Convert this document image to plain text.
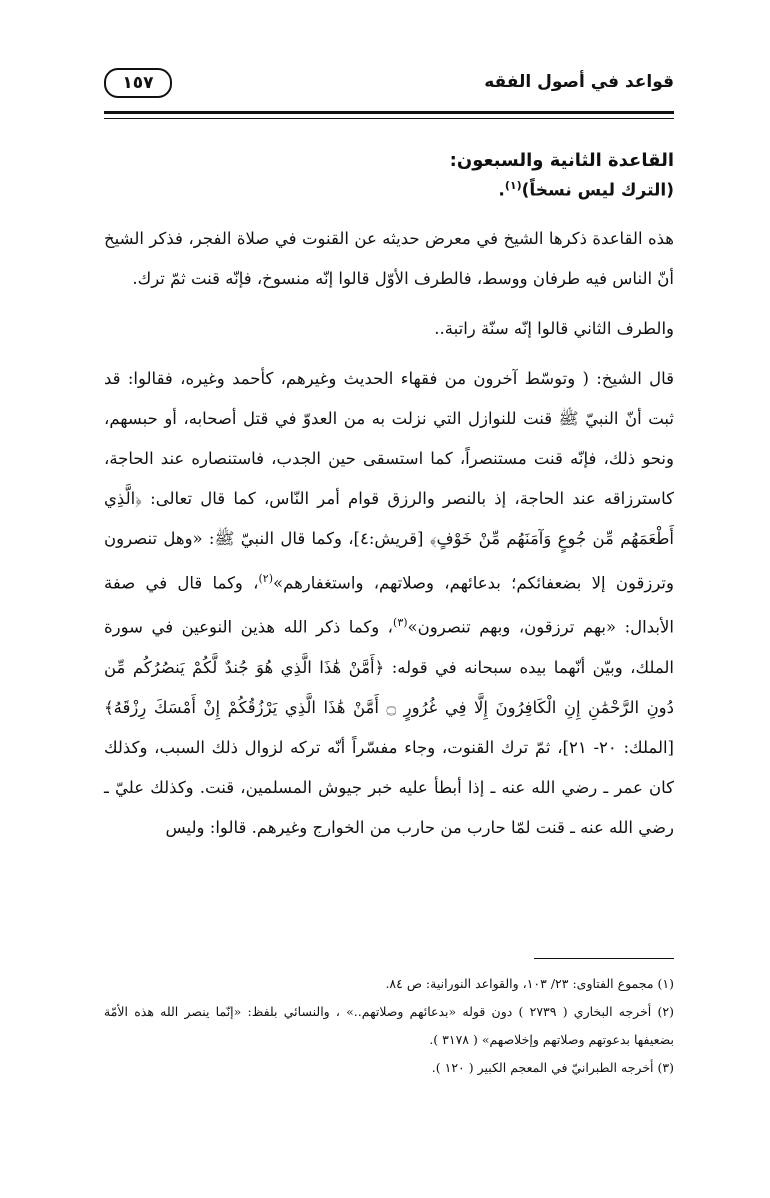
قواعد في أصول الفقه
١٥٧
القاعدة الثانية والسبعون:
(الترك ليس نسخاً)$^{(١)}$.

هذه القاعدة ذكرها الشيخ في معرض حديثه عن القنوت في صلاة الفجر، فذكر الشيخ أنّ الناس فيه طرفان ووسط، فالطرف الأوّل قالوا إنّه منسوخ، فإنّه قنت ثمّ ترك.

والطرف الثاني قالوا إنّه سنّة راتبة..

قال الشيخ: ( وتوسّط آخرون من فقهاء الحديث وغيرهم، كأحمد وغيره، فقالوا: قد ثبت أنّ النبيّ ﷺ قنت للنوازل التي نزلت به من العدوّ في قتل أصحابه، أو حبسهم، ونحو ذلك، فإنّه قنت مستنصراً، كما استسقى حين الجدب، فاستنصاره عند الحاجة، كاسترزاقه عند الحاجة، إذ بالنصر والرزق قوام أمر النّاس، كما قال تعالى: ﴿الَّذِي أَطْعَمَهُم مِّن جُوعٍ وَآمَنَهُم مِّنْ خَوْفٍ﴾ [قريش:٤]، وكما قال النبيّ ﷺ: «وهل تنصرون وترزقون إلا بضعفائكم؛ بدعائهم، وصلاتهم، واستغفارهم»$^{(٢)}$، وكما قال في صفة الأبدال: «بهم ترزقون، وبهم تنصرون»$^{(٣)}$، وكما ذكر الله هذين النوعين في سورة الملك، وبيّن أنّهما بيده سبحانه في قوله: ﴿أَمَّنْ هَٰذَا الَّذِي هُوَ جُندٌ لَّكُمْ يَنصُرُكُم مِّن دُونِ الرَّحْمَٰنِ إِنِ الْكَافِرُونَ إِلَّا فِي غُرُورٍ ۝ أَمَّنْ هَٰذَا الَّذِي يَرْزُقُكُمْ إِنْ أَمْسَكَ رِزْقَهُ﴾ [الملك: ٢٠- ٢١]، ثمّ ترك القنوت، وجاء مفسّراً أنّه تركه لزوال ذلك السبب، وكذلك كان عمر ـ رضي الله عنه ـ إذا أبطأ عليه خبر جيوش المسلمين، قنت. وكذلك عليّ ـ رضي الله عنه ـ قنت لمّا حارب من حارب من الخوارج وغيرهم. قالوا: وليس

(١) مجموع الفتاوى: ٢٣/ ١٠٣، والقواعد النورانية: ص ٨٤.

(٢) أخرجه البخاري ( ٢٧٣٩ ) دون قوله «بدعائهم وصلاتهم..» ، والنسائي بلفظ: «إنّما ينصر الله هذه الأمّة بضعيفها بدعوتهم وصلاتهم وإخلاصهم» ( ٣١٧٨ ).

(٣) أخرجه الطبرانيّ في المعجم الكبير ( ١٢٠ ).
